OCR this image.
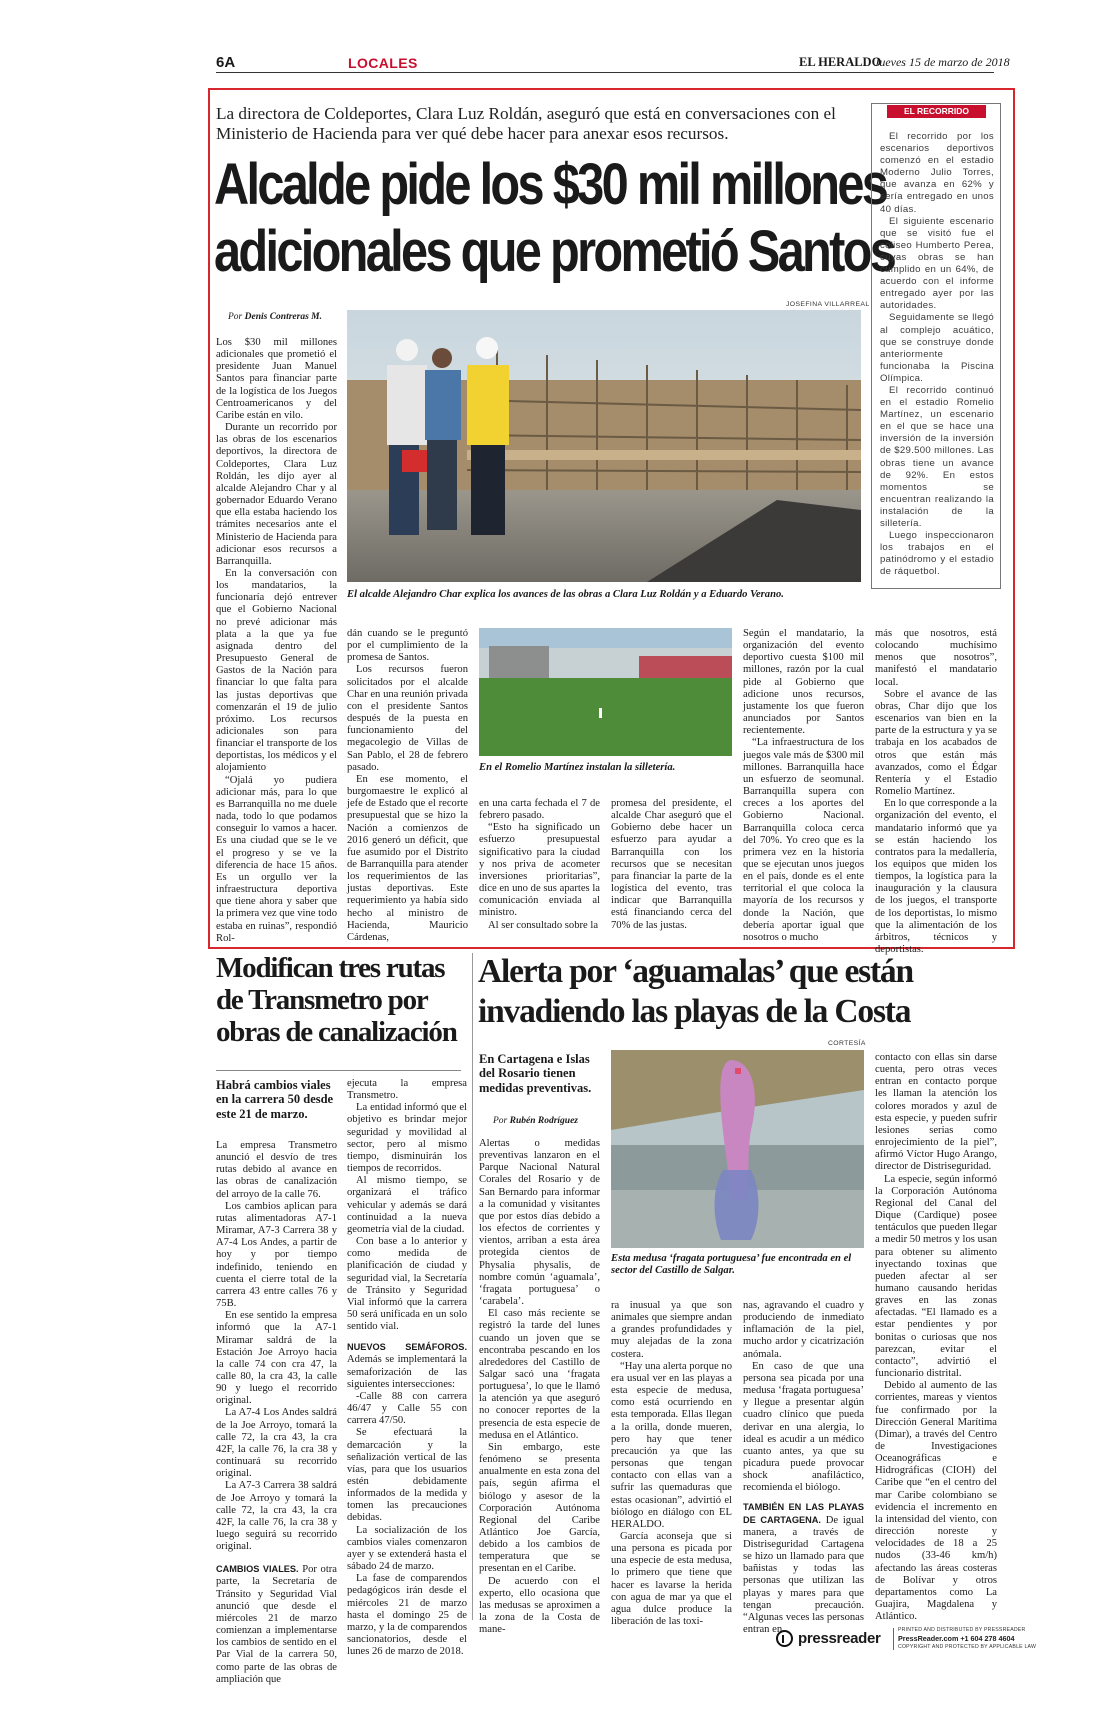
6A	LOCALES	EL HERALDO
Jueves 15 de marzo de 2018
La directora de Coldeportes, Clara Luz Roldán, aseguró que está en conversaciones con el Ministerio de Hacienda para ver qué debe hacer para anexar esos recursos.
Alcalde pide los $30 mil millones
adicionales que prometió Santos
JOSEFINA VILLARREAL
El alcalde Alejandro Char explica los avances de las obras a Clara Luz Roldán y a Eduardo Verano.
Por Denis Contreras M.

Los $30 mil millones adicionales que prometió el presidente Juan Manuel Santos para financiar parte de la logística de los Juegos Centroamericanos y del Caribe están en vilo.

Durante un recorrido por las obras de los escenarios deportivos, la directora de Coldeportes, Clara Luz Roldán, les dijo ayer al alcalde Alejandro Char y al gobernador Eduardo Verano que ella estaba haciendo los trámites necesarios ante el Ministerio de Hacienda para adicionar esos recursos a Barranquilla.

En la conversación con los mandatarios, la funcionaría dejó entrever que el Gobierno Nacional no prevé adicionar más plata a la que ya fue asignada dentro del Presupuesto General de Gastos de la Nación para financiar lo que falta para las justas deportivas que comenzarán el 19 de julio próximo. Los recursos adicionales son para financiar el transporte de los deportistas, los médicos y el alojamiento

“Ojalá yo pudiera adicionar más, para lo que es Barranquilla no me duele nada, todo lo que podamos conseguir lo vamos a hacer. Es una ciudad que se le ve el progreso y se ve la diferencia de hace 15 años. Es un orgullo ver la infraestructura deportiva que tiene ahora y saber que la primera vez que vine todo estaba en ruinas”, respondió Rol-

dán cuando se le preguntó por el cumplimiento de la promesa de Santos.

Los recursos fueron solicitados por el alcalde Char en una reunión privada con el presidente Santos después de la puesta en funcionamiento del megacolegio de Villas de San Pablo, el 28 de febrero pasado.

En ese momento, el burgomaestre le explicó al jefe de Estado que el recorte presupuestal que se hizo la Nación a comienzos de 2016 generó un déficit, que fue asumido por el Distrito de Barranquilla para atender los requerimientos de las justas deportivas. Este requerimiento ya había sido hecho al ministro de Hacienda, Mauricio Cárdenas,

En el Romelio Martínez instalan la silletería.

en una carta fechada el 7 de febrero pasado.

“Esto ha significado un esfuerzo presupuestal significativo para la ciudad y nos priva de acometer inversiones prioritarias”, dice en uno de sus apartes la comunicación enviada al ministro.

Al ser consultado sobre la

promesa del presidente, el alcalde Char aseguró que el Gobierno debe hacer un esfuerzo para ayudar a Barranquilla con los recursos que se necesitan para financiar la parte de la logística del evento, tras indicar que Barranquilla está financiando cerca del 70% de las justas.

Según el mandatario, la organización del evento deportivo cuesta $100 mil millones, razón por la cual pide al Gobierno que adicione unos recursos, justamente los que fueron anunciados por Santos recientemente.

“La infraestructura de los juegos vale más de $300 mil millones. Barranquilla hace un esfuerzo de seomunal. Barranquilla supera con creces a los aportes del Gobierno Nacional. Barranquilla coloca cerca del 70%. Yo creo que es la primera vez en la historia que se ejecutan unos juegos en el país, donde es el ente territorial el que coloca la mayoría de los recursos y donde la Nación, que debería aportar igual que nosotros o mucho

más que nosotros, está colocando muchísimo menos que nosotros”, manifestó el mandatario local.

Sobre el avance de las obras, Char dijo que los escenarios van bien en la parte de la estructura y ya se trabaja en los acabados de otros que están más avanzados, como el Édgar Rentería y el Estadio Romelio Martínez.

En lo que corresponde a la organización del evento, el mandatario informó que ya se están haciendo los contratos para la medallería, los equipos que miden los tiempos, la logística para la inauguración y la clausura de los juegos, el transporte de los deportistas, lo mismo que la alimentación de los árbitros, técnicos y deportistas.

EL RECORRIDO

El recorrido por los escenarios deportivos comenzó en el estadio Moderno Julio Torres, que avanza en 62% y sería entregado en unos 40 días.

El siguiente escenario que se visitó fue el coliseo Humberto Perea, cuyas obras se han cumplido en un 64%, de acuerdo con el informe entregado ayer por las autoridades.

Seguidamente se llegó al complejo acuático, que se construye donde anteriormente funcionaba la Piscina Olímpica.

El recorrido continuó en el estadio Romelio Martínez, un escenario en el que se hace una inversión de la inversión de $29.500 millones. Las obras tiene un avance de 92%. En estos momentos se encuentran realizando la instalación de la silletería.

Luego inspeccionaron los trabajos en el patinódromo y el estadio de ráquetbol.

Modifican tres rutas
de Transmetro por
obras de canalización
Habrá cambios viales en la carrera 50 desde este 21 de marzo.

La empresa Transmetro anunció el desvío de tres rutas debido al avance en las obras de canalización del arroyo de la calle 76.

Los cambios aplican para rutas alimentadoras A7-1 Miramar, A7-3 Carrera 38 y A7-4 Los Andes, a partir de hoy y por tiempo indefinido, teniendo en cuenta el cierre total de la carrera 43 entre calles 76 y 75B.

En ese sentido la empresa informó que la A7-1 Miramar saldrá de la Estación Joe Arroyo hacia la calle 74 con cra 47, la calle 80, la cra 43, la calle 90 y luego el recorrido original.

La A7-4 Los Andes saldrá de la Joe Arroyo, tomará la calle 72, la cra 43, la cra 42F, la calle 76, la cra 38 y continuará su recorrido original.

La A7-3 Carrera 38 saldrá de Joe Arroyo y tomará la calle 72, la cra 43, la cra 42F, la calle 76, la cra 38 y luego seguirá su recorrido original.

CAMBIOS VIALES. Por otra parte, la Secretaría de Tránsito y Seguridad Vial anunció que desde el miércoles 21 de marzo comienzan a implementarse los cambios de sentido en el Par Vial de la carrera 50, como parte de las obras de ampliación que

ejecuta la empresa Transmetro.

La entidad informó que el objetivo es brindar mejor seguridad y movilidad al sector, pero al mismo tiempo, disminuirán los tiempos de recorridos.

Al mismo tiempo, se organizará el tráfico vehicular y además se dará continuidad a la nueva geometría vial de la ciudad.

Con base a lo anterior y como medida de planificación de ciudad y seguridad vial, la Secretaría de Tránsito y Seguridad Vial informó que la carrera 50 será unificada en un solo sentido vial.

NUEVOS SEMÁFOROS. Además se implementará la semaforización de las siguientes intersecciones:

-Calle 88 con carrera 46/47 y Calle 55 con carrera 47/50.

Se efectuará la demarcación y la señalización vertical de las vías, para que los usuarios estén debidamente informados de la medida y tomen las precauciones debidas.

La socialización de los cambios viales comenzaron ayer y se extenderá hasta el sábado 24 de marzo.

La fase de comparendos pedagógicos irán desde el miércoles 21 de marzo hasta el domingo 25 de marzo, y la de comparendos sancionatorios, desde el lunes 26 de marzo de 2018.

Alerta por ‘aguamalas’ que están
invadiendo las playas de la Costa
En Cartagena e Islas del Rosario tienen medidas preventivas.
Por Rubén Rodríguez
CORTESÍA
Esta medusa ‘fragata portuguesa’ fue encontrada en el sector del Castillo de Salgar.

Alertas o medidas preventivas lanzaron en el Parque Nacional Natural Corales del Rosario y de San Bernardo para informar a la comunidad y visitantes que por estos días debido a los efectos de corrientes y vientos, arriban a esta área protegida cientos de Physalia physalis, de nombre común ‘aguamala’, ‘fragata portuguesa’ o ‘carabela’.

El caso más reciente se registró la tarde del lunes cuando un joven que se encontraba pescando en los alrededores del Castillo de Salgar sacó una ‘fragata portuguesa’, lo que le llamó la atención ya que aseguró no conocer reportes de la presencia de esta especie de medusa en el Atlántico.

Sin embargo, este fenómeno se presenta anualmente en esta zona del país, según afirma el biólogo y asesor de la Corporación Autónoma Regional del Caribe Atlántico Joe García, debido a los cambios de temperatura que se presentan en el Caribe.

De acuerdo con el experto, ello ocasiona que las medusas se aproximen a la zona de la Costa de mane-

ra inusual ya que son animales que siempre andan a grandes profundidades y muy alejadas de la zona costera.

“Hay una alerta porque no era usual ver en las playas a esta especie de medusa, como está ocurriendo en esta temporada. Ellas llegan a la orilla, donde mueren, pero hay que tener precaución ya que las personas que tengan contacto con ellas van a sufrir las quemaduras que estas ocasionan”, advirtió el biólogo en diálogo con EL HERALDO.

García aconseja que si una persona es picada por una especie de esta medusa, lo primero que tiene que hacer es lavarse la herida con agua de mar ya que el agua dulce produce la liberación de las toxi-

nas, agravando el cuadro y produciendo de inmediato inflamación de la piel, mucho ardor y cicatrización anómala.

En caso de que una persona sea picada por una medusa ‘fragata portuguesa’ y llegue a presentar algún cuadro clínico que pueda derivar en una alergia, lo ideal es acudir a un médico cuanto antes, ya que su picadura puede provocar shock anafiláctico, recomienda el biólogo.

TAMBIÉN EN LAS PLAYAS DE CARTAGENA. De igual manera, a través de Distriseguridad Cartagena se hizo un llamado para que bañistas y todas las personas que utilizan las playas y mares para que tengan precaución. “Algunas veces las personas entran en

contacto con ellas sin darse cuenta, pero otras veces entran en contacto porque les llaman la atención los colores morados y azul de esta especie, y pueden sufrir lesiones serias como enrojecimiento de la piel”, afirmó Víctor Hugo Arango, director de Distriseguridad.

La especie, según informó la Corporación Autónoma Regional del Canal del Dique (Cardique) posee tentáculos que pueden llegar a medir 50 metros y los usan para obtener su alimento inyectando toxinas que pueden afectar al ser humano causando heridas graves en las zonas afectadas. “El llamado es a estar pendientes y por bonitas o curiosas que nos parezcan, evitar el contacto”, advirtió el funcionario distrital.

Debido al aumento de las corrientes, mareas y vientos fue confirmado por la Dirección General Marítima (Dimar), a través del Centro de Investigaciones Oceanográficas e Hidrográficas (CIOH) del Caribe que “en el centro del mar Caribe colombiano se evidencia el incremento en la intensidad del viento, con dirección noreste y velocidades de 18 a 25 nudos (33-46 km/h) afectando las áreas costeras de Bolívar y otros departamentos como La Guajira, Magdalena y Atlántico.

pressreader	PRINTED AND DISTRIBUTED BY PRESSREADER
PressReader.com +1 604 278 4604
COPYRIGHT AND PROTECTED BY APPLICABLE LAW
